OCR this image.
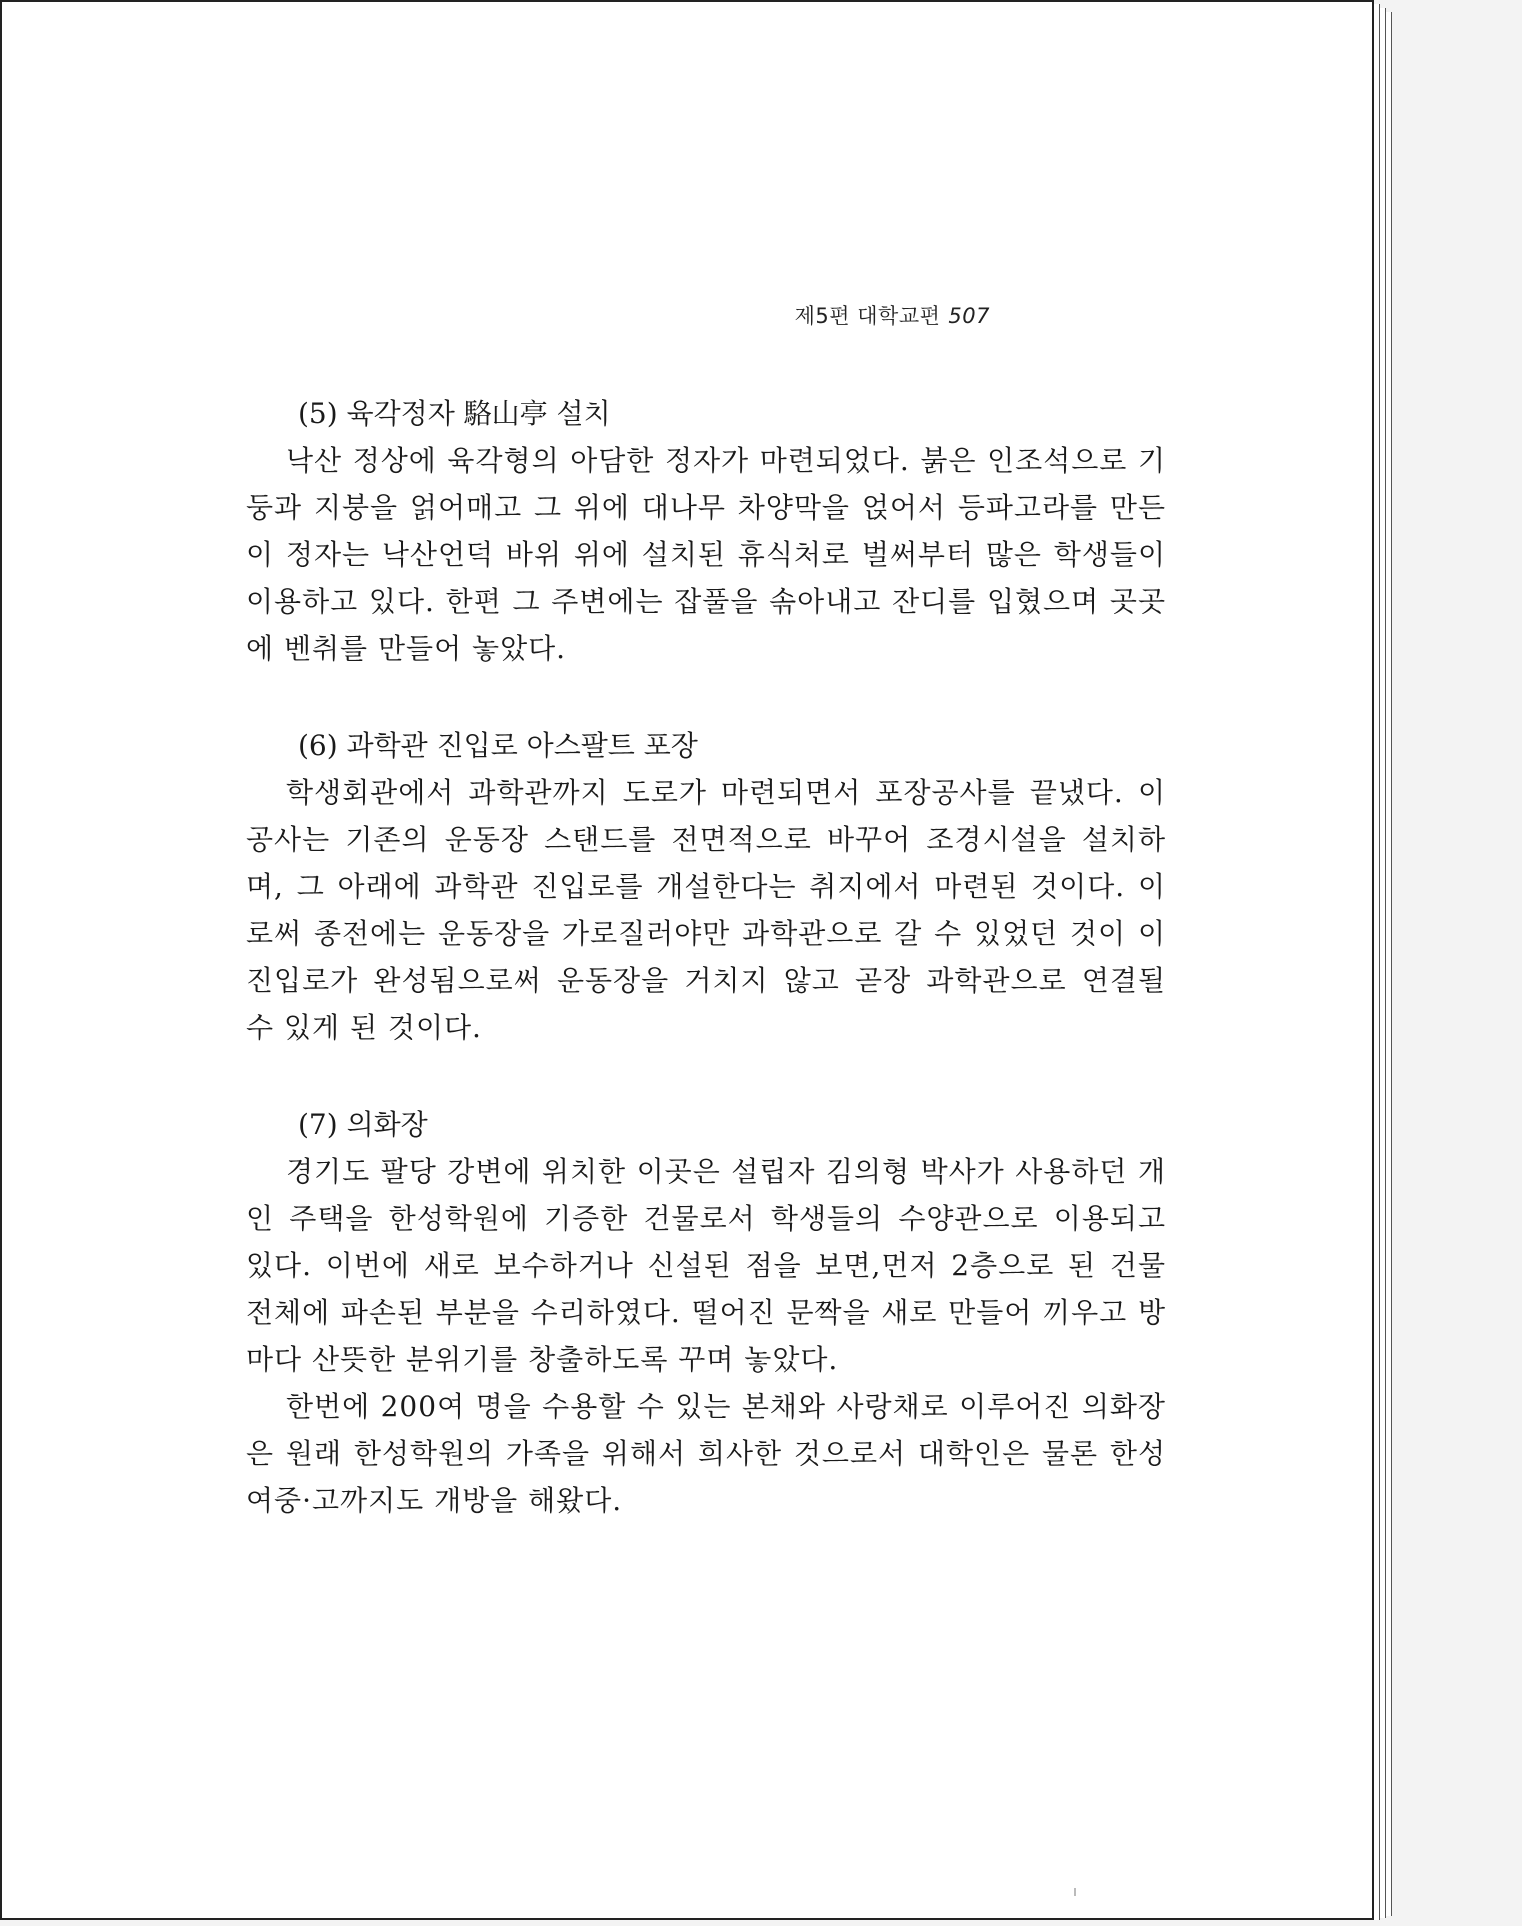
제5편 대학교편 507

(5) 육각정자 駱山亭 설치

낙산 정상에 육각형의 아담한 정자가 마련되었다. 붉은 인조석으로 기둥과 지붕을 얽어매고 그 위에 대나무 차양막을 얹어서 등파고라를 만든 이 정자는 낙산언덕 바위 위에 설치된 휴식처로 벌써부터 많은 학생들이 이용하고 있다. 한편 그 주변에는 잡풀을 솎아내고 잔디를 입혔으며 곳곳에 벤취를 만들어 놓았다.

(6) 과학관 진입로 아스팔트 포장

학생회관에서 과학관까지 도로가 마련되면서 포장공사를 끝냈다. 이 공사는 기존의 운동장 스탠드를 전면적으로 바꾸어 조경시설을 설치하며, 그 아래에 과학관 진입로를 개설한다는 취지에서 마련된 것이다. 이로써 종전에는 운동장을 가로질러야만 과학관으로 갈 수 있었던 것이 이 진입로가 완성됨으로써 운동장을 거치지 않고 곧장 과학관으로 연결될 수 있게 된 것이다.

(7) 의화장

경기도 팔당 강변에 위치한 이곳은 설립자 김의형 박사가 사용하던 개인 주택을 한성학원에 기증한 건물로서 학생들의 수양관으로 이용되고 있다. 이번에 새로 보수하거나 신설된 점을 보면,먼저 2층으로 된 건물 전체에 파손된 부분을 수리하였다. 떨어진 문짝을 새로 만들어 끼우고 방마다 산뜻한 분위기를 창출하도록 꾸며 놓았다.

한번에 200여 명을 수용할 수 있는 본채와 사랑채로 이루어진 의화장은 원래 한성학원의 가족을 위해서 희사한 것으로서 대학인은 물론 한성여중·고까지도 개방을 해왔다.
